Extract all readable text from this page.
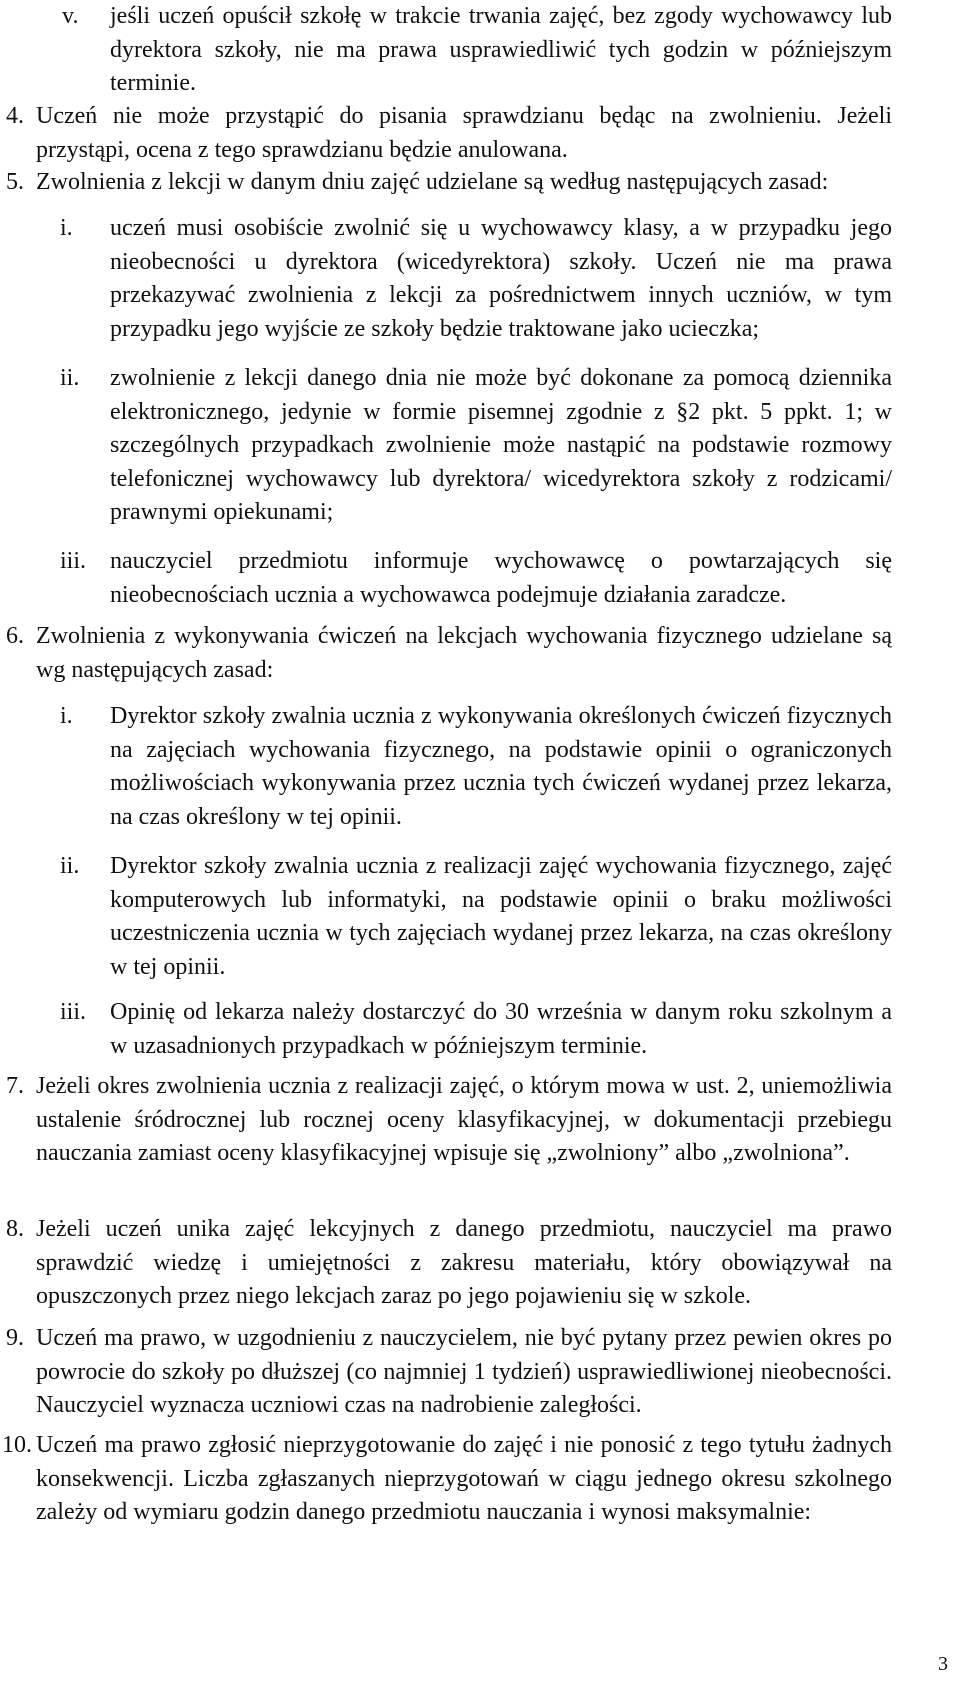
v. jeśli uczeń opuścił szkołę w trakcie trwania zajęć, bez zgody wychowawcy lub dyrektora szkoły, nie ma prawa usprawiedliwić tych godzin w późniejszym terminie.
4. Uczeń nie może przystąpić do pisania sprawdzianu będąc na zwolnieniu. Jeżeli przystąpi, ocena z tego sprawdzianu będzie anulowana.
5. Zwolnienia z lekcji w danym dniu zajęć udzielane są według następujących zasad:
i. uczeń musi osobiście zwolnić się u wychowawcy klasy, a w przypadku jego nieobecności u dyrektora (wicedyrektora) szkoły. Uczeń nie ma prawa przekazywać zwolnienia z lekcji za pośrednictwem innych uczniów, w tym przypadku jego wyjście ze szkoły będzie traktowane jako ucieczka;
ii. zwolnienie z lekcji danego dnia nie może być dokonane za pomocą dziennika elektronicznego, jedynie w formie pisemnej zgodnie z §2 pkt. 5 ppkt. 1; w szczególnych przypadkach zwolnienie może nastąpić na podstawie rozmowy telefonicznej wychowawcy lub dyrektora/ wicedyrektora szkoły z rodzicami/ prawnymi opiekunami;
iii. nauczyciel przedmiotu informuje wychowawcę o powtarzających się nieobecnościach ucznia a wychowawca podejmuje działania zaradcze.
6. Zwolnienia z wykonywania ćwiczeń na lekcjach wychowania fizycznego udzielane są wg następujących zasad:
i. Dyrektor szkoły zwalnia ucznia z wykonywania określonych ćwiczeń fizycznych na zajęciach wychowania fizycznego, na podstawie opinii o ograniczonych możliwościach wykonywania przez ucznia tych ćwiczeń wydanej przez lekarza, na czas określony w tej opinii.
ii. Dyrektor szkoły zwalnia ucznia z realizacji zajęć wychowania fizycznego, zajęć komputerowych lub informatyki, na podstawie opinii o braku możliwości uczestniczenia ucznia w tych zajęciach wydanej przez lekarza, na czas określony w tej opinii.
iii. Opinię od lekarza należy dostarczyć do 30 września w danym roku szkolnym a w uzasadnionych przypadkach w późniejszym terminie.
7. Jeżeli okres zwolnienia ucznia z realizacji zajęć, o którym mowa w ust. 2, uniemożliwia ustalenie śródrocznej lub rocznej oceny klasyfikacyjnej, w dokumentacji przebiegu nauczania zamiast oceny klasyfikacyjnej wpisuje się „zwolniony” albo „zwolniona”.
8. Jeżeli uczeń unika zajęć lekcyjnych z danego przedmiotu, nauczyciel ma prawo sprawdzić wiedzę i umiejętności z zakresu materiału, który obowiązywał na opuszczonych przez niego lekcjach zaraz po jego pojawieniu się w szkole.
9. Uczeń ma prawo, w uzgodnieniu z nauczycielem, nie być pytany przez pewien okres po powrocie do szkoły po dłuższej (co najmniej 1 tydzień) usprawiedliwionej nieobecności. Nauczyciel wyznacza uczniowi czas na nadrobienie zaległości.
10. Uczeń ma prawo zgłosić nieprzygotowanie do zajęć i nie ponosić z tego tytułu żadnych konsekwencji. Liczba zgłaszanych nieprzygotowań w ciągu jednego okresu szkolnego zależy od wymiaru godzin danego przedmiotu nauczania i wynosi maksymalnie:
3
